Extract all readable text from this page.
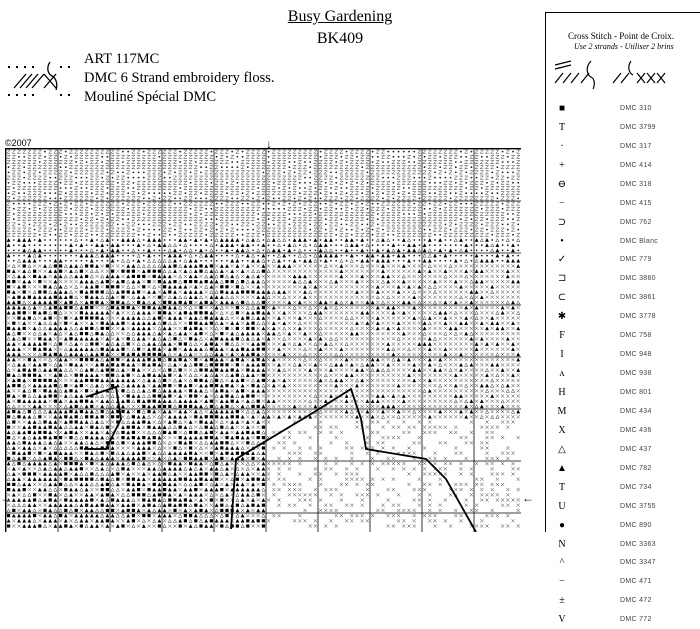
Busy Gardening
BK409
ART 117MC
DMC 6 Strand embroidery floss.
Mouliné Spécial DMC
©2007	↓
→	←
Cross Stitch - Point de Croix.
Use 2 strands - Utiliser 2 brins
■	DMC 310
T	DMC 3799
·	DMC 317
+	DMC 414
⊖	DMC 318
−	DMC 415
⊃	DMC 762
•	DMC Blanc
✓	DMC 779
⊐	DMC 3860
⊂	DMC 3861
✱	DMC 3778
F	DMC 758
I	DMC 948
ʌ	DMC 938
H	DMC 801
M	DMC 434
X	DMC 436
△	DMC 437
▲	DMC 782
T	DMC 734
U	DMC 3755
●	DMC 890
N	DMC 3363
^	DMC 3347
−	DMC 471
±	DMC 472
V	DMC 772
